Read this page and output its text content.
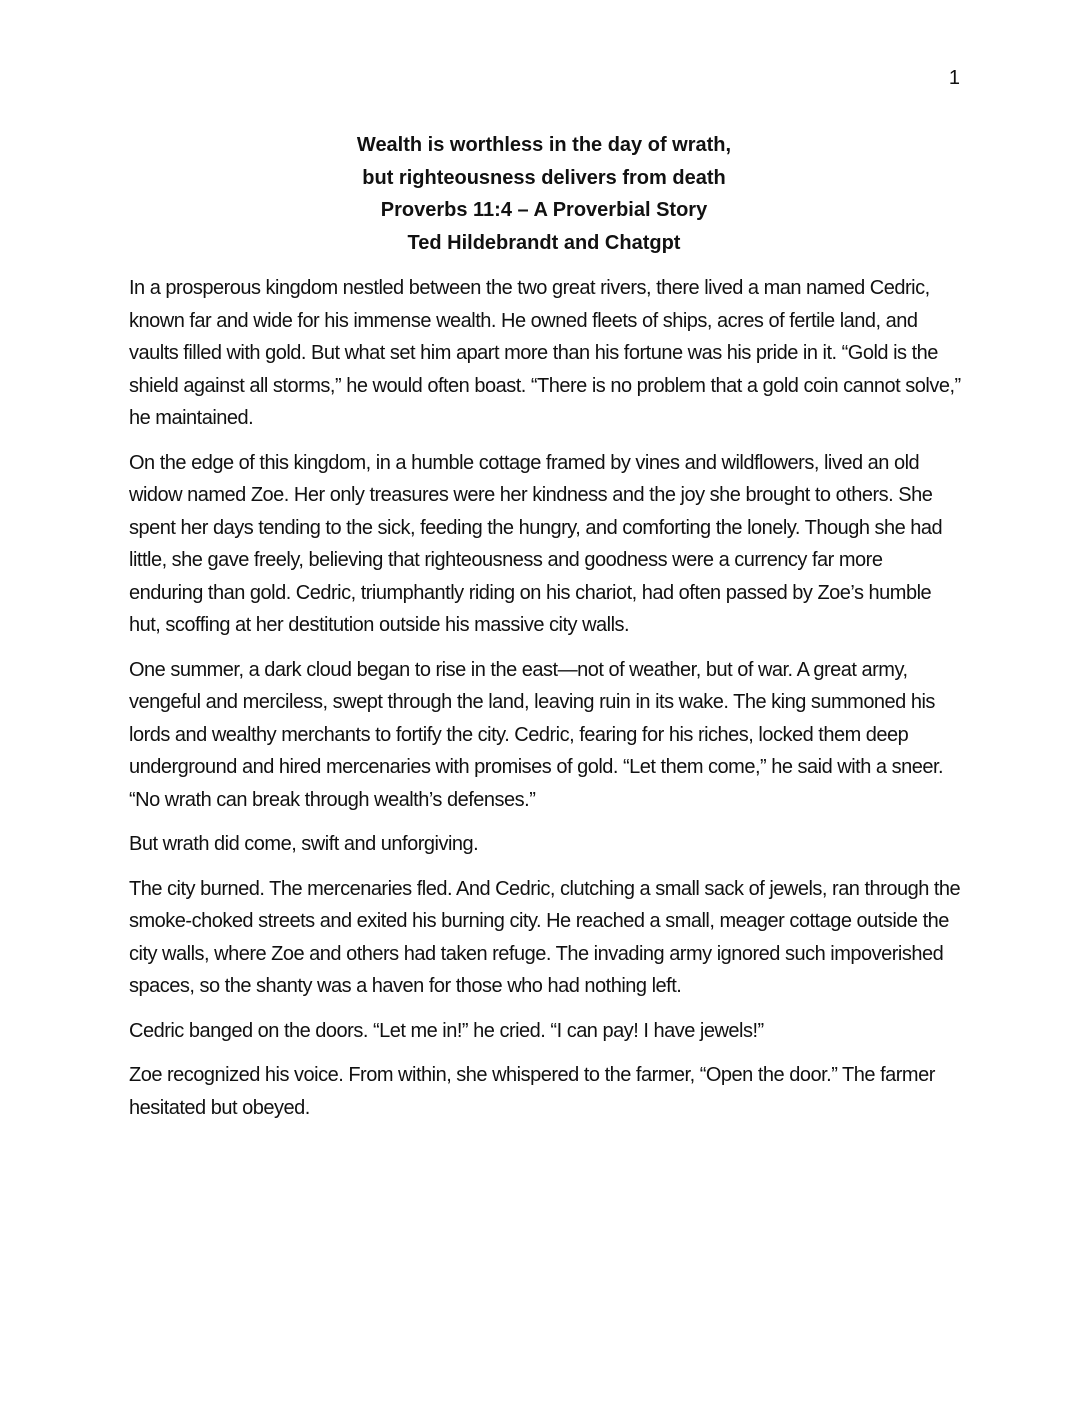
1

Wealth is worthless in the day of wrath,

but righteousness delivers from death

Proverbs 11:4 – A Proverbial Story

Ted Hildebrandt and Chatgpt

In a prosperous kingdom nestled between the two great rivers, there lived a man named Cedric, known far and wide for his immense wealth. He owned fleets of ships, acres of fertile land, and vaults filled with gold. But what set him apart more than his fortune was his pride in it. “Gold is the shield against all storms,” he would often boast. “There is no problem that a gold coin cannot solve,” he maintained.

On the edge of this kingdom, in a humble cottage framed by vines and wildflowers, lived an old widow named Zoe. Her only treasures were her kindness and the joy she brought to others. She spent her days tending to the sick, feeding the hungry, and comforting the lonely. Though she had little, she gave freely, believing that righteousness and goodness were a currency far more enduring than gold. Cedric, triumphantly riding on his chariot, had often passed by Zoe’s humble hut, scoffing at her destitution outside his massive city walls.

One summer, a dark cloud began to rise in the east—not of weather, but of war. A great army, vengeful and merciless, swept through the land, leaving ruin in its wake. The king summoned his lords and wealthy merchants to fortify the city. Cedric, fearing for his riches, locked them deep underground and hired mercenaries with promises of gold. “Let them come,” he said with a sneer. “No wrath can break through wealth’s defenses.”

But wrath did come, swift and unforgiving.

The city burned. The mercenaries fled. And Cedric, clutching a small sack of jewels, ran through the smoke-choked streets and exited his burning city. He reached a small, meager cottage outside the city walls, where Zoe and others had taken refuge. The invading army ignored such impoverished spaces, so the shanty was a haven for those who had nothing left.

Cedric banged on the doors. “Let me in!” he cried. “I can pay! I have jewels!”

Zoe recognized his voice. From within, she whispered to the farmer, “Open the door.” The farmer hesitated but obeyed.
